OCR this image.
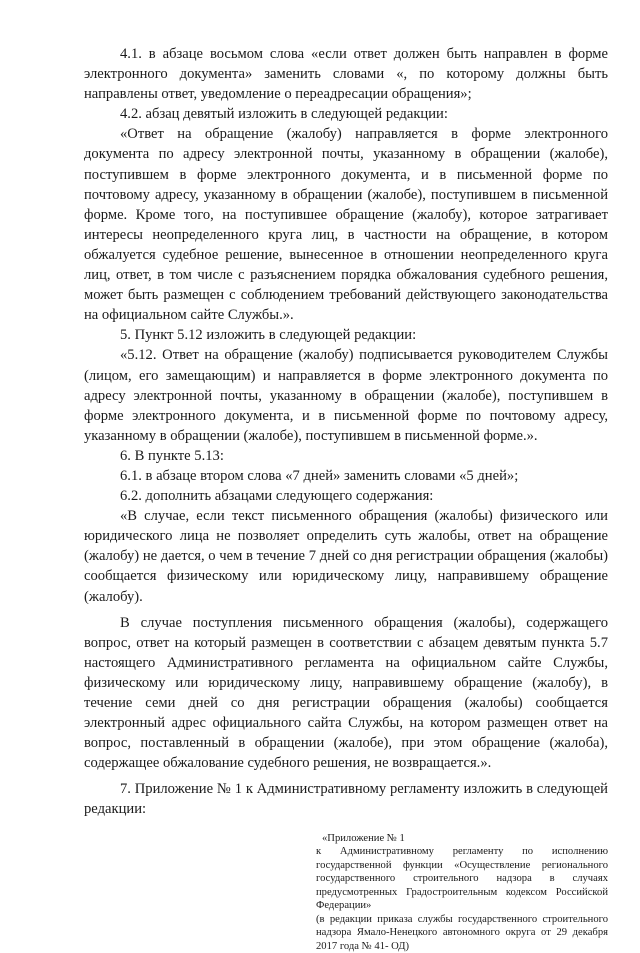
4.1. в абзаце восьмом слова «если ответ должен быть направлен в форме электронного документа» заменить словами «, по которому должны быть направлены ответ, уведомление о переадресации обращения»;

4.2. абзац девятый изложить в следующей редакции:

«Ответ на обращение (жалобу) направляется в форме электронного документа по адресу электронной почты, указанному в обращении (жалобе), поступившем в форме электронного документа, и в письменной форме по почтовому адресу, указанному в обращении (жалобе), поступившем в письменной форме. Кроме того, на поступившее обращение (жалобу), которое затрагивает интересы неопределенного круга лиц, в частности на обращение, в котором обжалуется судебное решение, вынесенное в отношении неопределенного круга лиц, ответ, в том числе с разъяснением порядка обжалования судебного решения, может быть размещен с соблюдением требований действующего законодательства на официальном сайте Службы.».

5. Пункт 5.12 изложить в следующей редакции:

«5.12. Ответ на обращение (жалобу) подписывается руководителем Службы (лицом, его замещающим) и направляется в форме электронного документа по адресу электронной почты, указанному в обращении (жалобе), поступившем в форме электронного документа, и в письменной форме по почтовому адресу, указанному в обращении (жалобе), поступившем в письменной форме.».

6. В пункте 5.13:

6.1. в абзаце втором слова «7 дней» заменить словами «5 дней»;

6.2. дополнить абзацами следующего содержания:

«В случае, если текст письменного обращения (жалобы) физического или юридического лица не позволяет определить суть жалобы, ответ на обращение (жалобу) не дается, о чем в течение 7 дней со дня регистрации обращения (жалобы) сообщается физическому или юридическому лицу, направившему обращение (жалобу).

В случае поступления письменного обращения (жалобы), содержащего вопрос, ответ на который размещен в соответствии с абзацем девятым пункта 5.7 настоящего Административного регламента на официальном сайте Службы, физическому или юридическому лицу, направившему обращение (жалобу), в течение семи дней со дня регистрации обращения (жалобы) сообщается электронный адрес официального сайта Службы, на котором размещен ответ на вопрос, поставленный в обращении (жалобе), при этом обращение (жалоба), содержащее обжалование судебного решения, не возвращается.».

7. Приложение № 1 к Административному регламенту изложить в следующей редакции:

«Приложение № 1

к Административному регламенту по исполнению государственной функции «Осуществление регионального государственного строительного надзора в случаях предусмотренных Градостроительным кодексом Российской Федерации»

(в редакции приказа службы государственного строительного надзора Ямало-Ненецкого автономного округа от 29 декабря 2017 года № 41- ОД)
